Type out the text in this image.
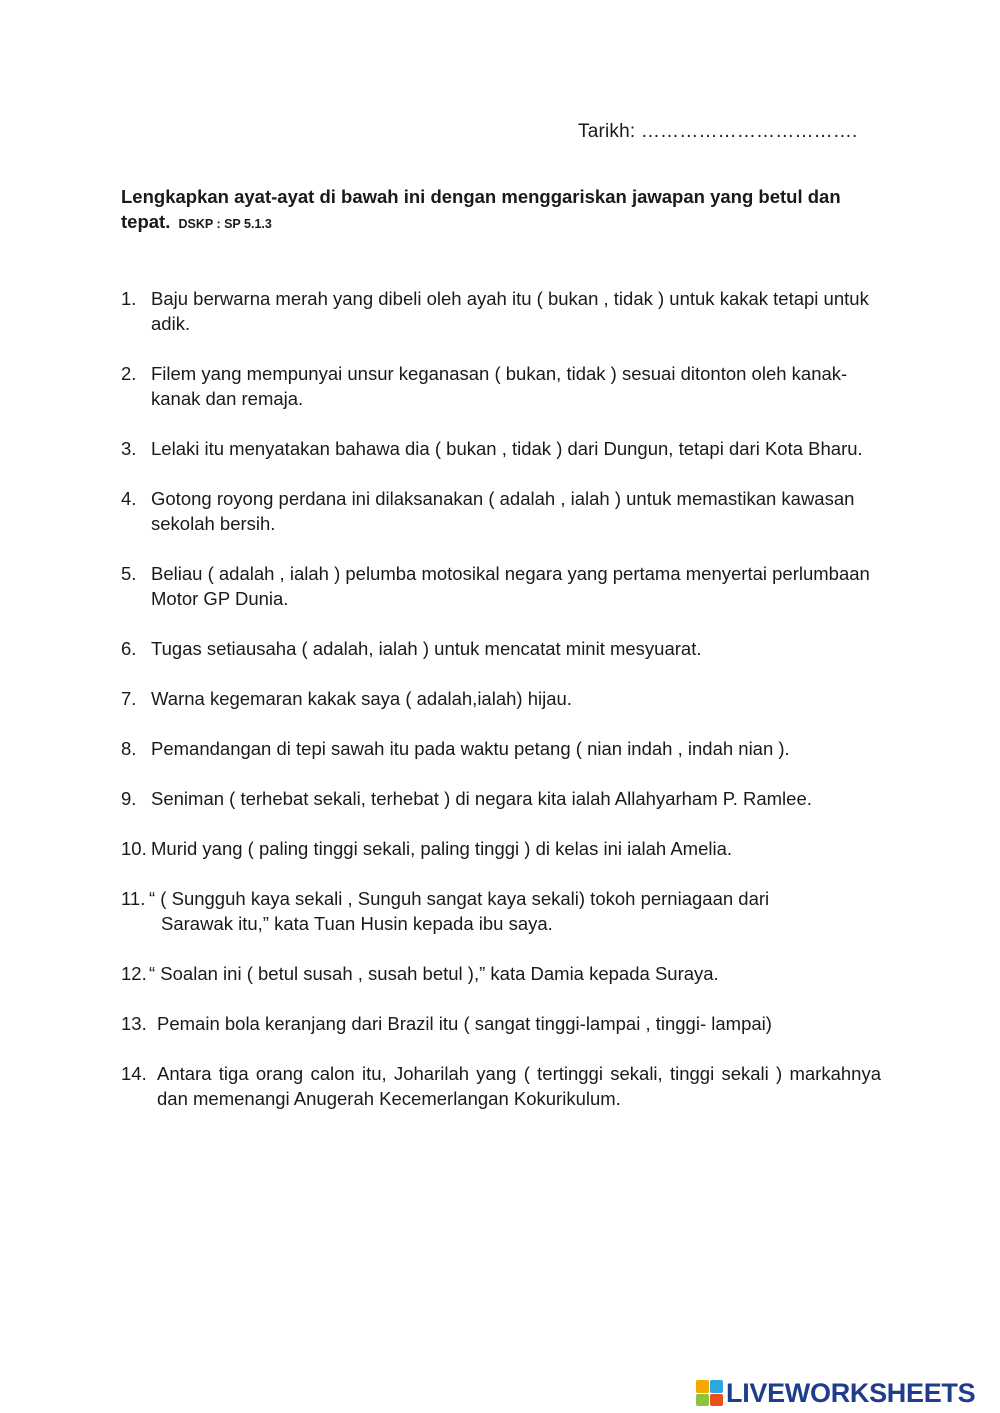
Tarikh: …………………………….
Lengkapkan ayat-ayat di bawah ini dengan menggariskan jawapan yang betul dan tepat. DSKP : SP 5.1.3
1. Baju berwarna merah yang dibeli oleh ayah itu ( bukan , tidak ) untuk kakak tetapi untuk adik.
2. Filem yang mempunyai unsur keganasan ( bukan, tidak ) sesuai ditonton oleh kanak-kanak dan remaja.
3. Lelaki itu menyatakan bahawa dia ( bukan , tidak ) dari Dungun, tetapi dari Kota Bharu.
4. Gotong royong perdana ini dilaksanakan ( adalah , ialah ) untuk memastikan kawasan sekolah bersih.
5. Beliau ( adalah , ialah ) pelumba motosikal negara yang pertama menyertai perlumbaan Motor GP Dunia.
6. Tugas setiausaha ( adalah, ialah ) untuk mencatat minit mesyuarat.
7. Warna kegemaran kakak saya ( adalah,ialah) hijau.
8. Pemandangan di tepi sawah itu pada waktu petang ( nian indah , indah nian ).
9. Seniman ( terhebat sekali, terhebat ) di negara kita ialah Allahyarham P. Ramlee.
10. Murid yang ( paling tinggi sekali, paling tinggi ) di kelas ini ialah Amelia.
11. “ ( Sungguh kaya sekali , Sunguh sangat kaya sekali) tokoh perniagaan dari
Sarawak itu,” kata Tuan Husin kepada ibu saya.
12. “ Soalan ini ( betul susah , susah betul ),” kata Damia kepada Suraya.
13. Pemain bola keranjang dari Brazil itu ( sangat tinggi-lampai , tinggi- lampai)
14. Antara tiga orang calon itu, Joharilah yang ( tertinggi sekali, tinggi sekali ) markahnya dan memenangi Anugerah Kecemerlangan Kokurikulum.
LIVEWORKSHEETS
